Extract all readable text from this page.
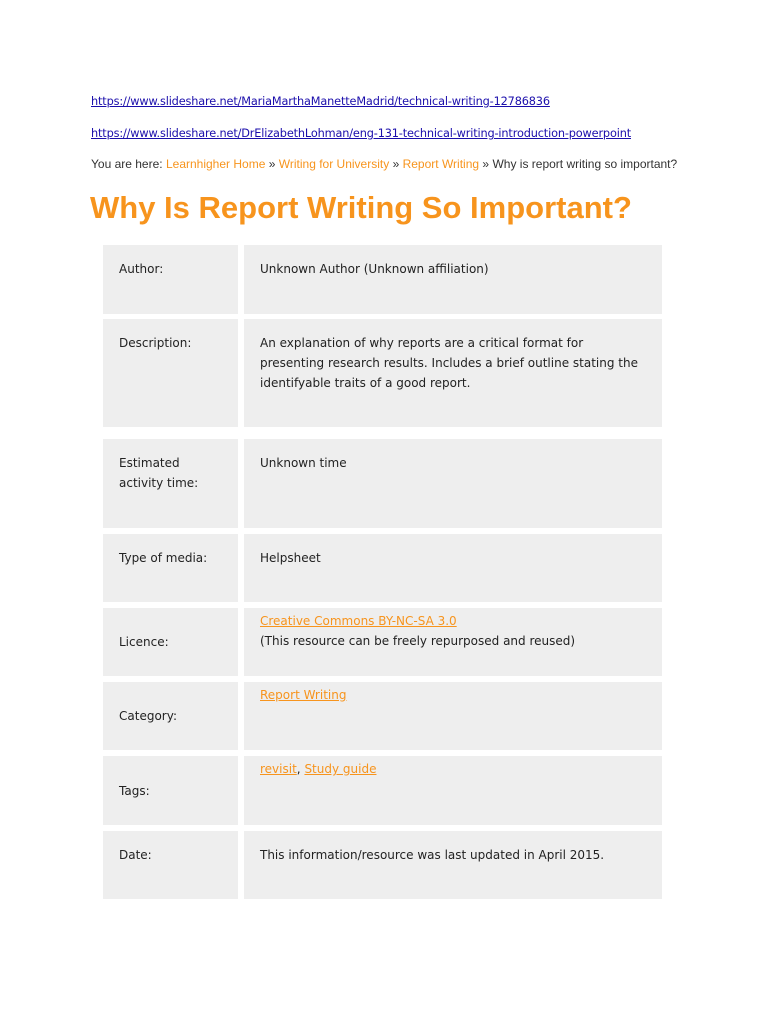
https://www.slideshare.net/MariaMarthaManetteMadrid/technical-writing-12786836
https://www.slideshare.net/DrElizabethLohman/eng-131-technical-writing-introduction-powerpoint
You are here: Learnhigher Home » Writing for University » Report Writing » Why is report writing so important?
Why Is Report Writing So Important?
Author:	Unknown Author (Unknown affiliation)
Description:	An explanation of why reports are a critical format for presenting research results. Includes a brief outline stating the identifyable traits of a good report.
Estimated activity time:
Unknown time
Type of media:	Helpsheet
Licence:
Creative Commons BY-NC-SA 3.0
(This resource can be freely repurposed and reused)
Category:
Report Writing
Tags:
revisit, Study guide
Date:	This information/resource was last updated in April 2015.
